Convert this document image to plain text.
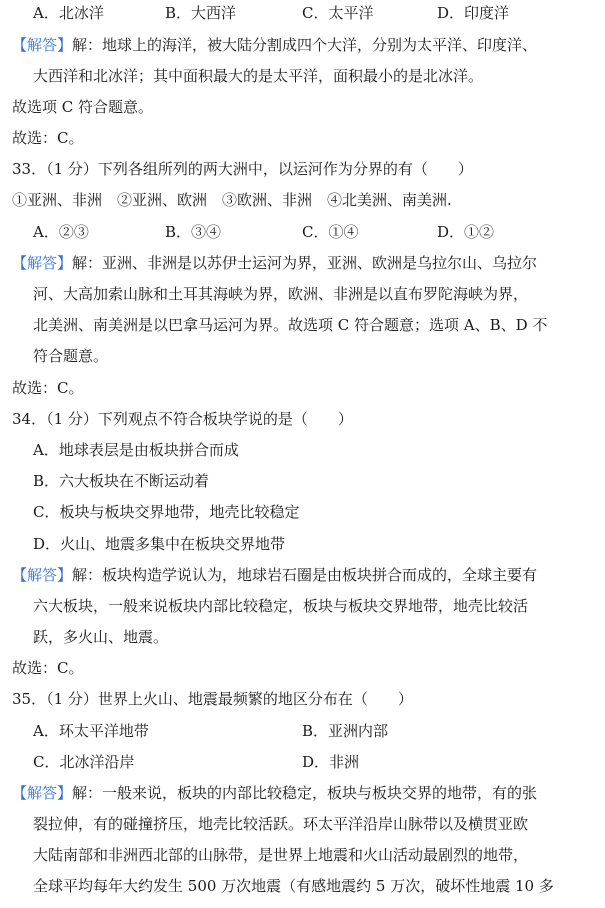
A．北冰洋	B．大西洋	C．太平洋	D．印度洋
【解答】解：地球上的海洋，被大陆分割成四个大洋，分别为太平洋、印度洋、
大西洋和北冰洋；其中面积最大的是太平洋，面积最小的是北冰洋。
故选项 C 符合题意。
故选：C。
33．（1 分）下列各组所列的两大洲中，以运河作为分界的有（　　）
①亚洲、非洲　②亚洲、欧洲　③欧洲、非洲　④北美洲、南美洲.
A．②③	B．③④	C．①④	D．①②
【解答】解：亚洲、非洲是以苏伊士运河为界，亚洲、欧洲是乌拉尔山、乌拉尔
河、大高加索山脉和土耳其海峡为界，欧洲、非洲是以直布罗陀海峡为界，
北美洲、南美洲是以巴拿马运河为界。故选项 C 符合题意；选项 A、B、D 不
符合题意。
故选：C。
34．（1 分）下列观点不符合板块学说的是（　　）
A．地球表层是由板块拼合而成
B．六大板块在不断运动着
C．板块与板块交界地带，地壳比较稳定
D．火山、地震多集中在板块交界地带
【解答】解：板块构造学说认为，地球岩石圈是由板块拼合而成的，全球主要有
六大板块，一般来说板块内部比较稳定，板块与板块交界地带，地壳比较活
跃，多火山、地震。
故选：C。
35．（1 分）世界上火山、地震最频繁的地区分布在（　　）
A．环太平洋地带	B．亚洲内部
C．北冰洋沿岸	D．非洲
【解答】解：一般来说，板块的内部比较稳定，板块与板块交界的地带，有的张
裂拉伸，有的碰撞挤压，地壳比较活跃。环太平洋沿岸山脉带以及横贯亚欧
大陆南部和非洲西北部的山脉带，是世界上地震和火山活动最剧烈的地带，
全球平均每年大约发生 500 万次地震（有感地震约 5 万次，破坏性地震 10 多
